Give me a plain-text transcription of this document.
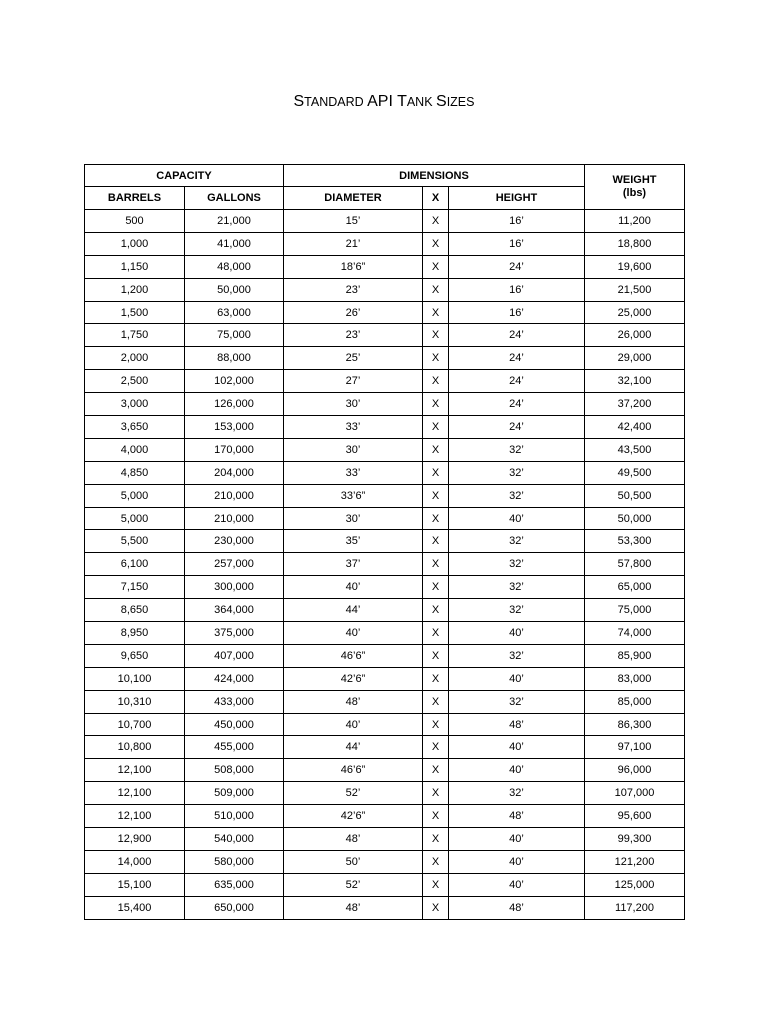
STANDARD API TANK SIZES
CAPACITY		DIMENSIONS			WEIGHT
(lbs)

BARRELS	GALLONS	DIAMETER	X	HEIGHT	
500	21,000	15’	X	16’	11,200
1,000	41,000	21’	X	16’	18,800
1,150	48,000	18’6”	X	24’	19,600
1,200	50,000	23’	X	16’	21,500
1,500	63,000	26’	X	16’	25,000
1,750	75,000	23’	X	24’	26,000
2,000	88,000	25’	X	24’	29,000
2,500	102,000	27’	X	24’	32,100
3,000	126,000	30’	X	24’	37,200
3,650	153,000	33’	X	24’	42,400
4,000	170,000	30’	X	32’	43,500
4,850	204,000	33’	X	32’	49,500
5,000	210,000	33’6”	X	32’	50,500
5,000	210,000	30’	X	40’	50,000
5,500	230,000	35’	X	32’	53,300
6,100	257,000	37’	X	32’	57,800
7,150	300,000	40’	X	32’	65,000
8,650	364,000	44’	X	32’	75,000
8,950	375,000	40’	X	40’	74,000
9,650	407,000	46’6”	X	32’	85,900
10,100	424,000	42’6”	X	40’	83,000
10,310	433,000	48’	X	32’	85,000
10,700	450,000	40’	X	48’	86,300
10,800	455,000	44’	X	40’	97,100
12,100	508,000	46’6”	X	40’	96,000
12,100	509,000	52’	X	32’	107,000
12,100	510,000	42’6”	X	48’	95,600
12,900	540,000	48’	X	40’	99,300
14,000	580,000	50’	X	40’	121,200
15,100	635,000	52’	X	40’	125,000
15,400	650,000	48’	X	48’	117,200
